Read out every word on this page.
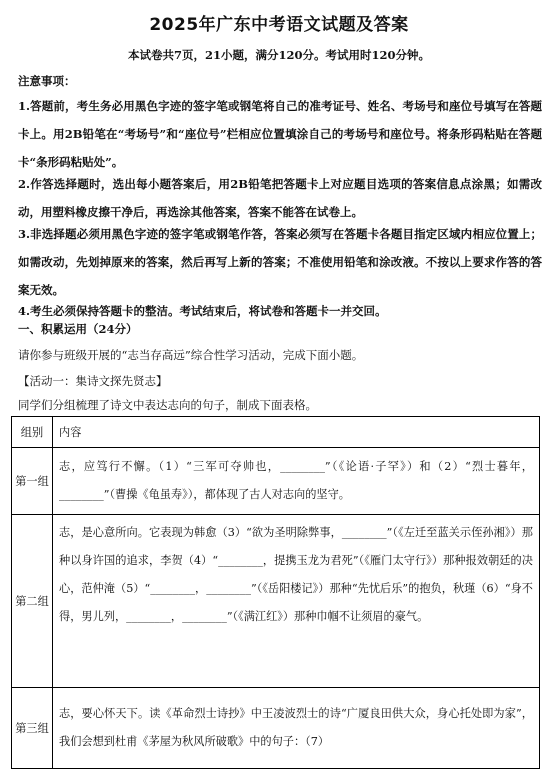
2025年广东中考语文试题及答案
本试卷共7页，21小题，满分120分。考试用时120分钟。
注意事项：
1.答题前，考生务必用黑色字迹的签字笔或钢笔将自己的准考证号、姓名、考场号和座位号填写在答题卡上。用2B铅笔在“考场号”和“座位号”栏相应位置填涂自己的考场号和座位号。将条形码粘贴在答题卡“条形码粘贴处”。
2.作答选择题时，选出每小题答案后，用2B铅笔把答题卡上对应题目选项的答案信息点涂黑；如需改动，用塑料橡皮擦干净后，再选涂其他答案，答案不能答在试卷上。
3.非选择题必须用黑色字迹的签字笔或钢笔作答，答案必须写在答题卡各题目指定区域内相应位置上；如需改动，先划掉原来的答案，然后再写上新的答案；不准使用铅笔和涂改液。不按以上要求作答的答案无效。
4.考生必须保持答题卡的整洁。考试结束后，将试卷和答题卡一并交回。
一、积累运用（24分）
请你参与班级开展的“志当存高远”综合性学习活动，完成下面小题。
【活动一：集诗文探先贤志】
同学们分组梳理了诗文中表达志向的句子，制成下面表格。
组别	内容
第一组	志，应笃行不懈。（1）“三军可夺帅也，________”（《论语·子罕》）和（2）“烈士暮年，________”（曹操《龟虽寿》），都体现了古人对志向的坚守。

第二组	志，是心意所向。它表现为韩愈（3）“欲为圣明除弊事，________”（《左迁至蓝关示侄孙湘》）那种以身许国的追求，李贺（4）“________，提携玉龙为君死”（《雁门太守行》）那种报效朝廷的决心，范仲淹（5）“________，________”（《岳阳楼记》）那种“先忧后乐”的抱负，秋瑾（6）“身不得，男儿列，________，________”（《满江红》）那种巾帼不让须眉的豪气。

第三组	志，要心怀天下。读《革命烈士诗抄》中王凌波烈士的诗“广厦良田供大众，身心托处即为家”，我们会想到杜甫《茅屋为秋风所破歌》中的句子：（7）
